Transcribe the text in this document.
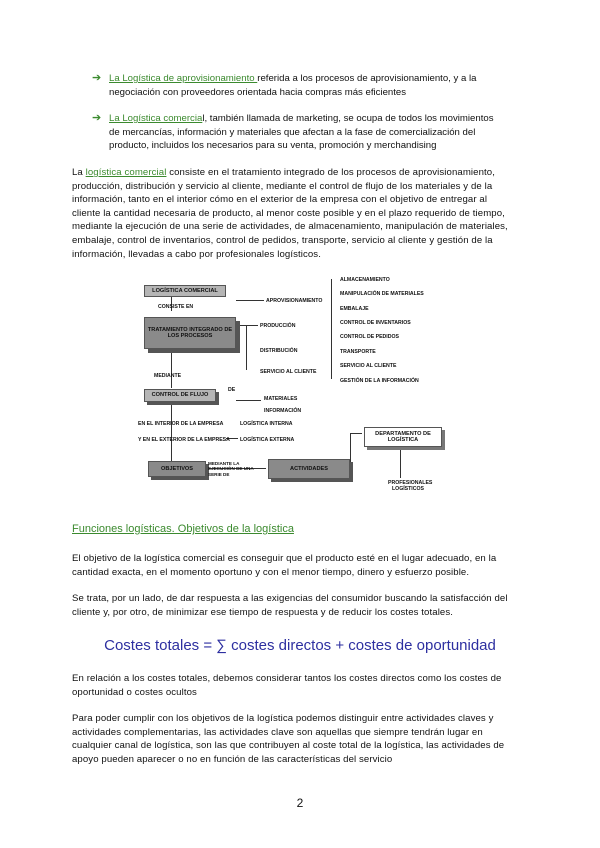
➔ La Logística de aprovisionamiento referida a los procesos de aprovisionamiento, y a la
negociación con proveedores orientada hacia compras más eficientes
➔ La Logística comercial, también llamada de marketing, se ocupa de todos los movimientos
de mercancías, información y materiales que afectan a la fase de comercialización del
producto, incluidos los necesarios para su venta, promoción y merchandising
La logística comercial consiste en el tratamiento integrado de los procesos de aprovisionamiento,
producción, distribución y servicio al cliente, mediante el control de flujo de los materiales y de la
información, tanto en el interior cómo en el exterior de la empresa con el objetivo de entregar al
cliente la cantidad necesaria de producto, al menor coste posible y en el plazo requerido de tiempo,
mediante la ejecución de una serie de actividades, de almacenamiento, manipulación de materiales,
embalaje, control de inventarios, control de pedidos, transporte, servicio al cliente y gestión de la
información, llevadas a cabo por profesionales logísticos.
LOGÍSTICA COMERCIAL
CONSISTE EN
TRATAMIENTO INTEGRADO DE LOS PROCESOS
MEDIANTE
CONTROL DE FLUJO
DE
OBJETIVOS	ACTIVIDADES
DEPARTAMENTO DE LOGÍSTICA
PROFESIONALES LOGÍSTICOS
APROVISIONAMIENTO
PRODUCCIÓN
DISTRIBUCIÓN
SERVICIO AL CLIENTE
MATERIALES
INFORMACIÓN
EN EL INTERIOR DE LA EMPRESA
Y EN EL EXTERIOR DE LA EMPRESA
LOGÍSTICA INTERNA
LOGÍSTICA EXTERNA
MEDIANTE LA EJECUCIÓN DE UNA SERIE DE
ALMACENAMIENTO
MANIPULACIÓN DE MATERIALES
EMBALAJE
CONTROL DE INVENTARIOS
CONTROL DE PEDIDOS
TRANSPORTE
SERVICIO AL CLIENTE
GESTIÓN DE LA INFORMACIÓN
Funciones logísticas. Objetivos de la logística
El objetivo de la logística comercial es conseguir que el producto esté en el lugar adecuado, en la
cantidad exacta, en el momento oportuno y con el menor tiempo, dinero y esfuerzo posible.
Se trata, por un lado, de dar respuesta a las exigencias del consumidor buscando la satisfacción del
cliente y, por otro, de minimizar ese tiempo de respuesta y de reducir los costes totales.
Costes totales = ∑ costes directos + costes de oportunidad
En relación a los costes totales, debemos considerar tantos los costes directos como los costes de
oportunidad o costes ocultos
Para poder cumplir con los objetivos de la logística podemos distinguir entre actividades claves y
actividades complementarias, las actividades clave son aquellas que siempre tendrán lugar en
cualquier canal de logística, son las que contribuyen al coste total de la logística, las actividades de
apoyo pueden aparecer o no en función de las características del servicio
2
